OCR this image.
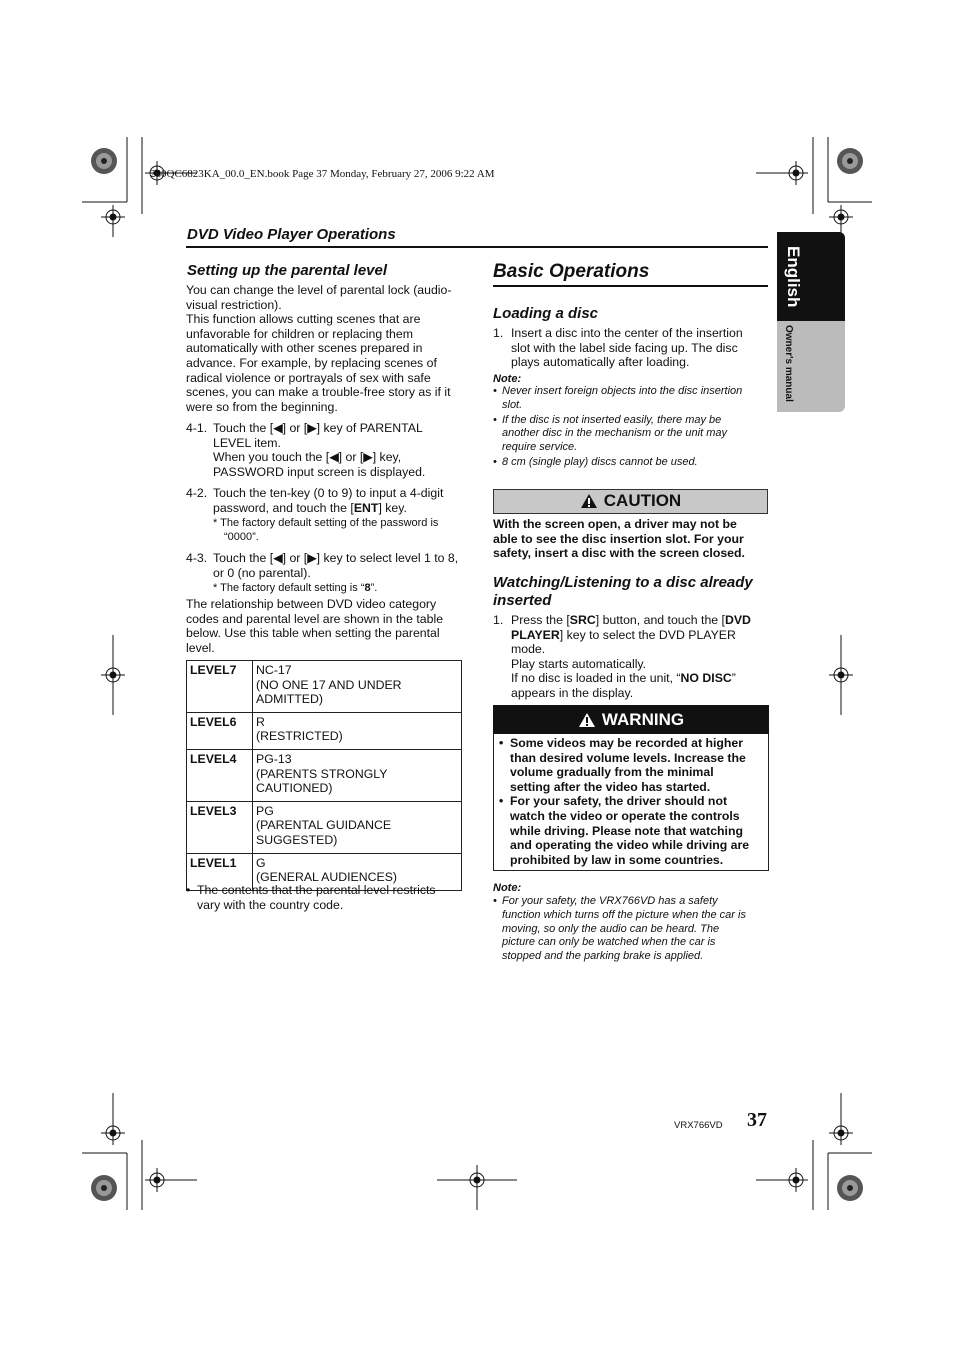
280QC6823KA_00.0_EN.book Page 37 Monday, February 27, 2006 9:22 AM
DVD Video Player Operations
English
Owner's manual
Setting up the parental level
You can change the level of parental lock (audio-
visual restriction).
This function allows cutting scenes that are
unfavorable for children or replacing them
automatically with other scenes prepared in
advance. For example, by replacing scenes of
radical violence or portrayals of sex with safe
scenes, you can make a trouble-free story as if it
were so from the beginning.
4-1. Touch the [◀] or [▶] key of PARENTAL
LEVEL item.
When you touch the [◀] or [▶] key,
PASSWORD input screen is displayed.
4-2. Touch the ten-key (0 to 9) to input a 4-digit
password, and touch the [ENT] key.
* The factory default setting of the password is
“0000”.
4-3. Touch the [◀] or [▶] key to select level 1 to 8,
or 0 (no parental).
* The factory default setting is “8”.
The relationship between DVD video category
codes and parental level are shown in the table
below. Use this table when setting the parental
level.
LEVEL7	NC-17
(NO ONE 17 AND UNDER
ADMITTED)

LEVEL6	R
(RESTRICTED)

LEVEL4	PG-13
(PARENTS STRONGLY
CAUTIONED)

LEVEL3	PG
(PARENTAL GUIDANCE
SUGGESTED)

LEVEL1	G
(GENERAL AUDIENCES)
• The contents that the parental level restricts
vary with the country code.
Basic Operations
Loading a disc
1. Insert a disc into the center of the insertion
slot with the label side facing up. The disc
plays automatically after loading.
Note:
• Never insert foreign objects into the disc insertion
slot.
• If the disc is not inserted easily, there may be
another disc in the mechanism or the unit may
require service.
• 8 cm (single play) discs cannot be used.
CAUTION
With the screen open, a driver may not be
able to see the disc insertion slot. For your
safety, insert a disc with the screen closed.
Watching/Listening to a disc already
inserted
1. Press the [SRC] button, and touch the [DVD
PLAYER] key to select the DVD PLAYER
mode.
Play starts automatically.
If no disc is loaded in the unit, “NO DISC”
appears in the display.
WARNING
• Some videos may be recorded at higher
than desired volume levels. Increase the
volume gradually from the minimal
setting after the video has started.
• For your safety, the driver should not
watch the video or operate the controls
while driving. Please note that watching
and operating the video while driving are
prohibited by law in some countries.
Note:
• For your safety, the VRX766VD has a safety
function which turns off the picture when the car is
moving, so only the audio can be heard. The
picture can only be watched when the car is
stopped and the parking brake is applied.
VRX766VD 37
